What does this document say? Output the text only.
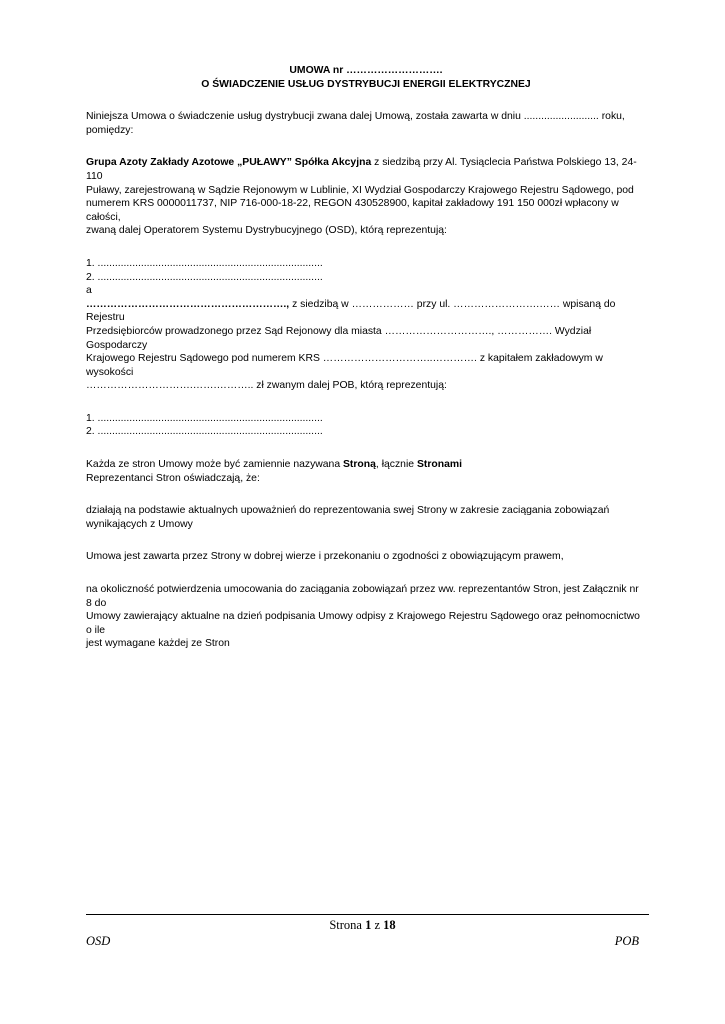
UMOWA nr ……………………….
O ŚWIADCZENIE USŁUG DYSTRYBUCJI ENERGII ELEKTRYCZNEJ
Niniejsza Umowa o świadczenie usług dystrybucji zwana dalej Umową, została zawarta w dniu .......................... roku,
pomiędzy:
Grupa Azoty Zakłady Azotowe „PUŁAWY” Spółka Akcyjna z siedzibą przy Al. Tysiąclecia Państwa Polskiego 13, 24-110
Puławy, zarejestrowaną w Sądzie Rejonowym w Lublinie, XI Wydział Gospodarczy Krajowego Rejestru Sądowego, pod
numerem KRS 0000011737, NIP 716-000-18-22, REGON 430528900, kapitał zakładowy 191 150 000zł wpłacony w całości,
zwaną dalej Operatorem Systemu Dystrybucyjnego (OSD), którą reprezentują:
1. ..............................................................................
2. ..............................................................................
a
…………………………………………………., z siedzibą w ……………… przy ul. …………………….…… wpisaną do Rejestru
Przedsiębiorców prowadzonego przez Sąd Rejonowy dla miasta …………………………., ……………. Wydział Gospodarczy
Krajowego Rejestru Sądowego pod numerem KRS …………………………..…………. z kapitałem zakładowym w wysokości
………………………….…….……….. zł zwanym dalej POB, którą reprezentują:
1. ..............................................................................
2. ..............................................................................
Każda ze stron Umowy może być zamiennie nazywana Stroną, łącznie Stronami
Reprezentanci Stron oświadczają, że:
działają na podstawie aktualnych upoważnień do reprezentowania swej Strony w zakresie zaciągania zobowiązań
wynikających z Umowy
Umowa jest zawarta przez Strony w dobrej wierze i przekonaniu o zgodności z obowiązującym prawem,
na okoliczność potwierdzenia umocowania do zaciągania zobowiązań przez ww. reprezentantów Stron, jest Załącznik nr 8 do
Umowy zawierający aktualne na dzień podpisania Umowy odpisy z Krajowego Rejestru Sądowego oraz pełnomocnictwo o ile
jest wymagane każdej ze Stron
Strona 1 z 18
OSD	POB
